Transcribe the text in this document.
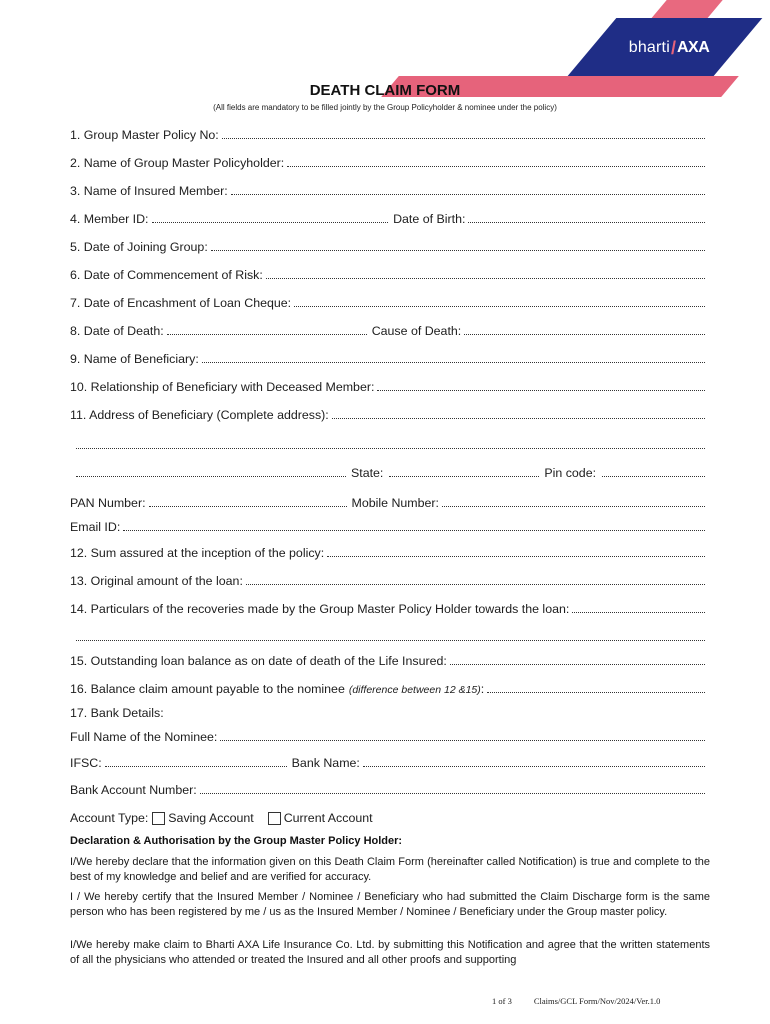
bharti / AXA
DEATH CLAIM FORM
(All fields are mandatory to be filled jointly by the Group Policyholder & nominee under the policy)
1. Group Master Policy No:
2. Name of Group Master Policyholder:
3. Name of Insured Member:
4. Member ID:	Date of Birth:
5. Date of Joining Group:
6. Date of Commencement of Risk:
7. Date of Encashment of Loan Cheque:
8. Date of Death:	Cause of Death:
9. Name of Beneficiary:
10. Relationship of Beneficiary with Deceased Member:
11. Address of Beneficiary (Complete address):
State:	Pin code:
PAN Number:	Mobile Number:
Email ID:
12. Sum assured at the inception of the policy:
13. Original amount of the loan:
14. Particulars of the recoveries made by the Group Master Policy Holder towards the loan:
15. Outstanding loan balance as on date of death of the Life Insured:
16. Balance claim amount payable to the nominee (difference between 12 &15) :
17. Bank Details:
Full Name of the Nominee:
IFSC:	Bank Name:
Bank Account Number:
Account Type: Saving Account Current Account
Declaration & Authorisation by the Group Master Policy Holder:
I/We hereby declare that the information given on this Death Claim Form (hereinafter called Notification) is true and complete to the best of my knowledge and belief and are verified for accuracy.
I / We hereby certify that the Insured Member / Nominee / Beneficiary who had submitted the Claim Discharge form is the same person who has been registered by me / us as the Insured Member / Nominee / Beneficiary under the Group master policy.
I/We hereby make claim to Bharti AXA Life Insurance Co. Ltd. by submitting this Notification and agree that the written statements of all the physicians who attended or treated the Insured and all other proofs and supporting
1 of 3	Claims/GCL Form/Nov/2024/Ver.1.0
